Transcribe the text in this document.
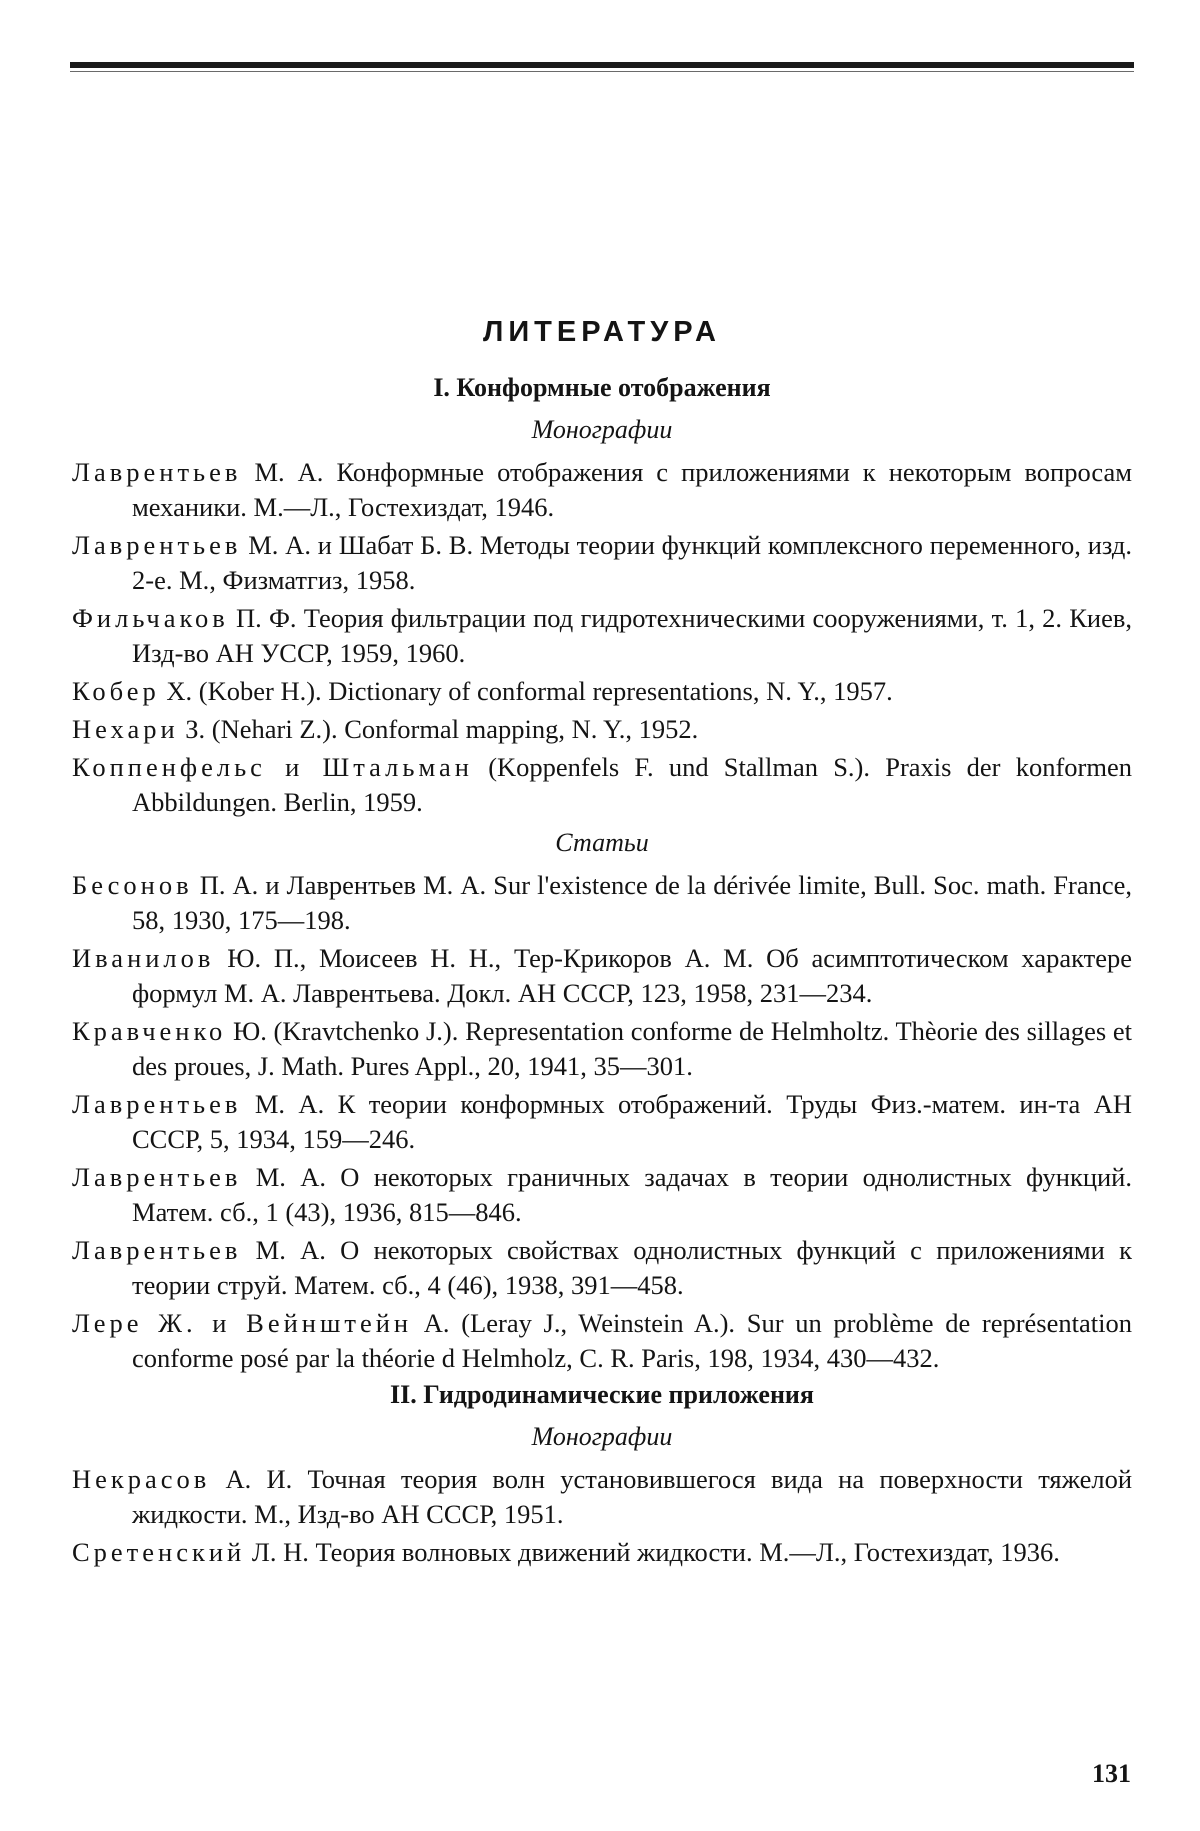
ЛИТЕРАТУРА
I. Конформные отображения
Монографии

Лаврентьев М. А. Конформные отображения с приложениями к некоторым вопросам механики. М.—Л., Гостехиздат, 1946.

Лаврентьев М. А. и Шабат Б. В. Методы теории функций комплексного переменного, изд. 2-е. М., Физматгиз, 1958.

Фильчаков П. Ф. Теория фильтрации под гидротехническими сооружениями, т. 1, 2. Киев, Изд-во АН УССР, 1959, 1960.

Кобер Х. (Kober H.). Dictionary of conformal representations, N. Y., 1957.

Нехари З. (Nehari Z.). Conformal mapping, N. Y., 1952.

Коппенфельс и Штальман (Koppenfels F. und Stallman S.). Praxis der konformen Abbildungen. Berlin, 1959.

Статьи

Бесонов П. А. и Лаврентьев М. А. Sur l'existence de la dérivée limite, Bull. Soc. math. France, 58, 1930, 175—198.

Иванилов Ю. П., Моисеев Н. Н., Тер-Крикоров А. М. Об асимптотическом характере формул М. А. Лаврентьева. Докл. АН СССР, 123, 1958, 231—234.

Кравченко Ю. (Kravtchenko J.). Representation conforme de Helmholtz. Thèorie des sillages et des proues, J. Math. Pures Appl., 20, 1941, 35—301.

Лаврентьев М. А. К теории конформных отображений. Труды Физ.-матем. ин-та АН СССР, 5, 1934, 159—246.

Лаврентьев М. А. О некоторых граничных задачах в теории однолистных функций. Матем. сб., 1 (43), 1936, 815—846.

Лаврентьев М. А. О некоторых свойствах однолистных функций с приложениями к теории струй. Матем. сб., 4 (46), 1938, 391—458.

Лере Ж. и Вейнштейн А. (Leray J., Weinstein A.). Sur un problème de représentation conforme posé par la théorie d Helmholz, C. R. Paris, 198, 1934, 430—432.

II. Гидродинамические приложения
Монографии

Некрасов А. И. Точная теория волн установившегося вида на поверхности тяжелой жидкости. М., Изд-во АН СССР, 1951.

Сретенский Л. Н. Теория волновых движений жидкости. М.—Л., Гостехиздат, 1936.

131
